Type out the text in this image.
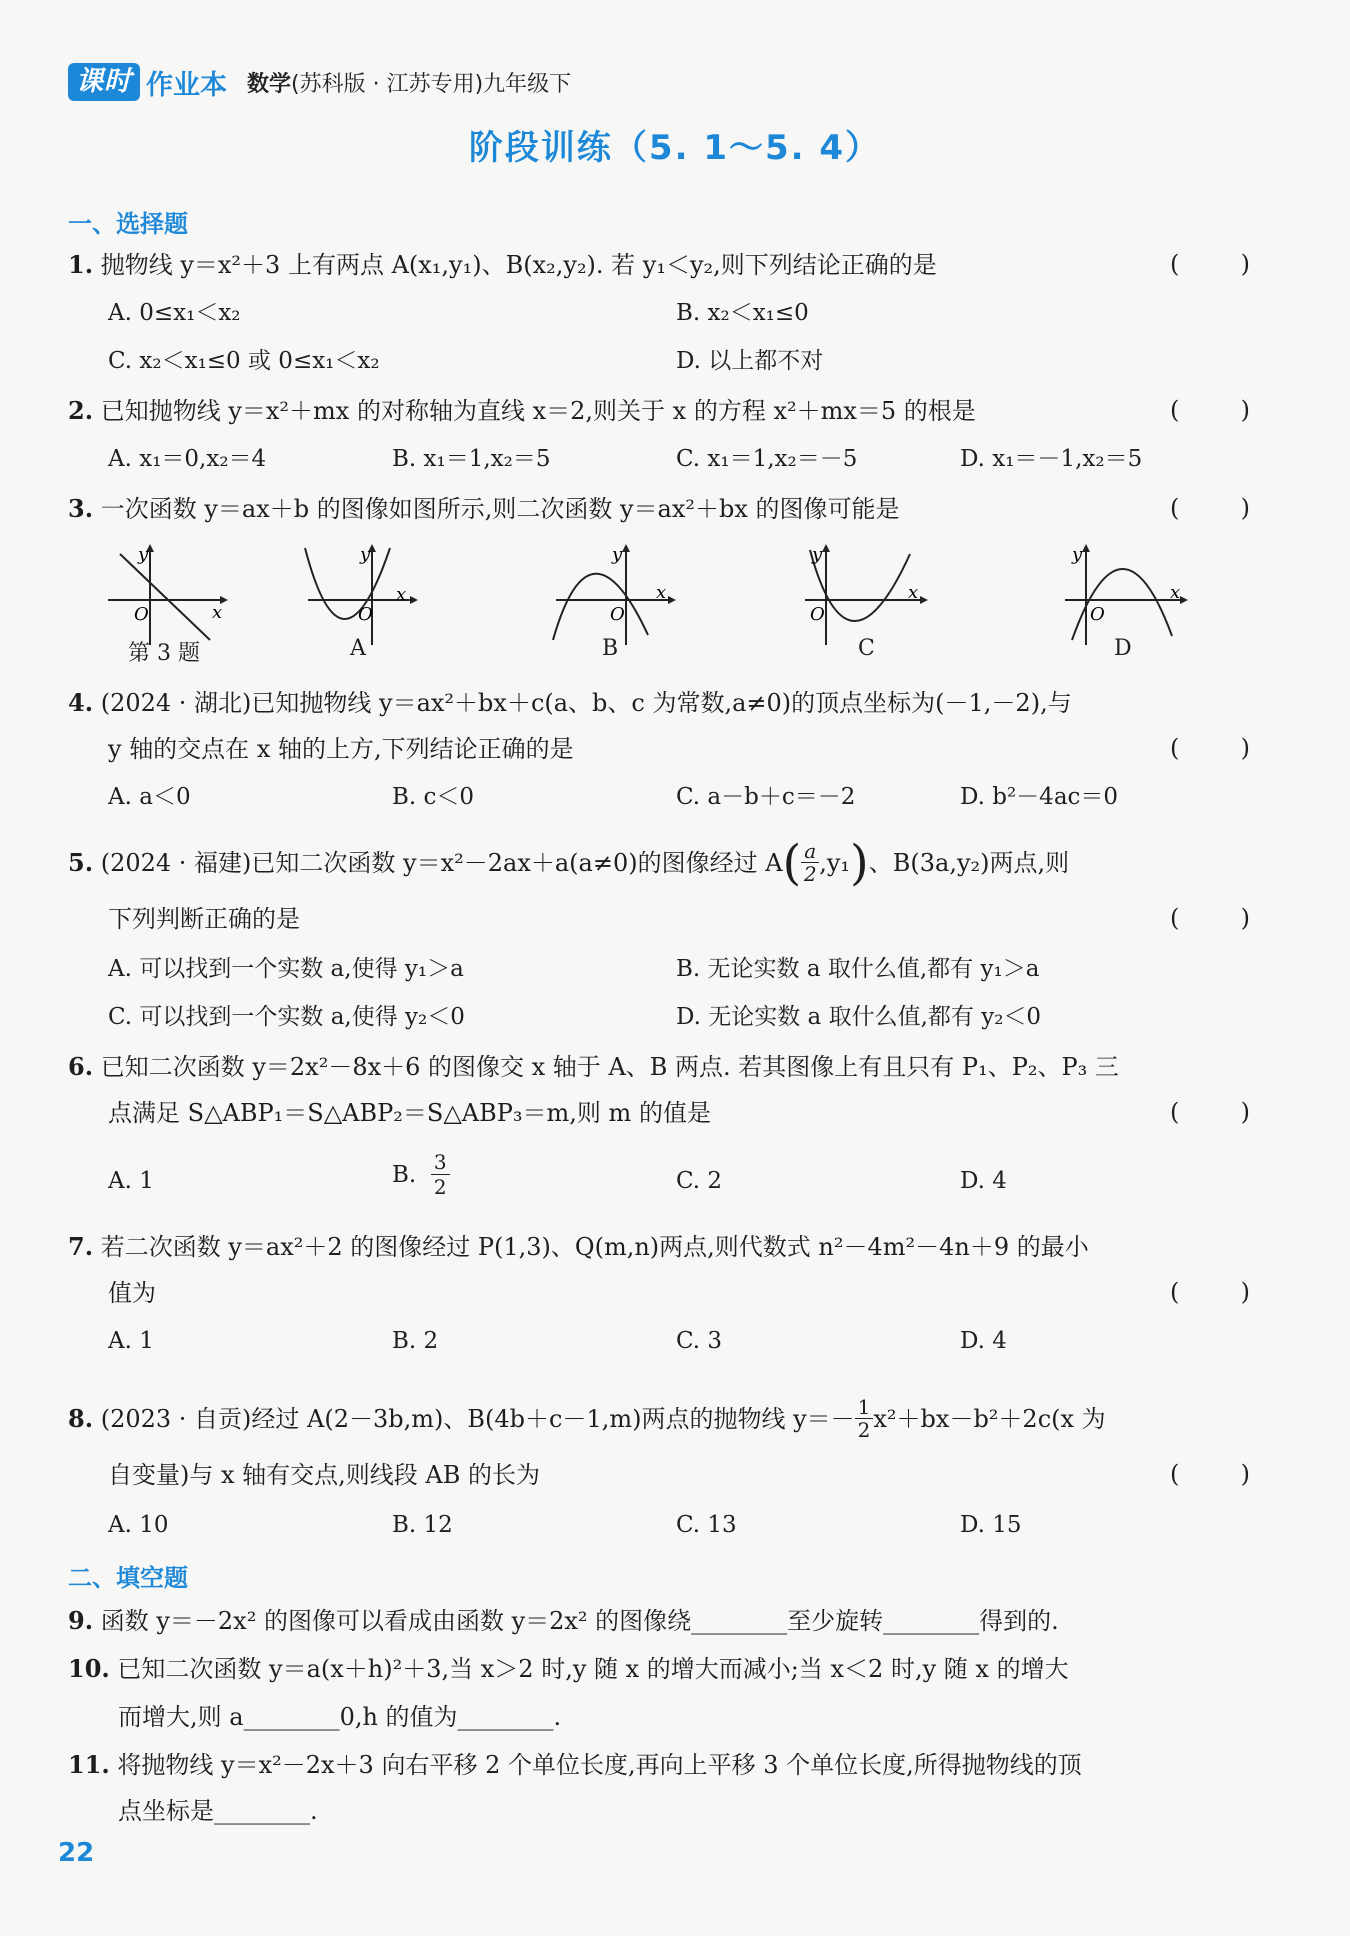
课时 作业本 数学 (苏科版 · 江苏专用)九年级下
阶段训练（5. 1～5. 4）
一、选择题
1. 抛物线 y＝x²＋3 上有两点 A(x₁,y₁)、B(x₂,y₂). 若 y₁＜y₂,则下列结论正确的是	(	)
A. 0≤x₁＜x₂	B. x₂＜x₁≤0
C. x₂＜x₁≤0 或 0≤x₁＜x₂	D. 以上都不对
2. 已知抛物线 y＝x²＋mx 的对称轴为直线 x＝2,则关于 x 的方程 x²＋mx＝5 的根是	(	)
A. x₁＝0,x₂＝4	B. x₁＝1,x₂＝5	C. x₁＝1,x₂＝－5	D. x₁＝－1,x₂＝5
3. 一次函数 y＝ax＋b 的图像如图所示,则二次函数 y＝ax²＋bx 的图像可能是	(	)
y
x
O
第 3 题
y
x
O
A
y
x
O
B
y
x
O
C
y
x
O
D
4. (2024 · 湖北)已知抛物线 y＝ax²＋bx＋c(a、b、c 为常数,a≠0)的顶点坐标为(－1,－2),与
y 轴的交点在 x 轴的上方,下列结论正确的是	(	)
A. a＜0	B. c＜0	C. a－b＋c＝－2	D. b²－4ac＝0
5.
(2024 · 福建)已知二次函数 y＝x²－2ax＋a(a≠0)的图像经过 A ( a
2 ,y₁ ) 、B(3a,y₂)两点,则
下列判断正确的是	(	)
A. 可以找到一个实数 a,使得 y₁＞a	B. 无论实数 a 取什么值,都有 y₁＞a
C. 可以找到一个实数 a,使得 y₂＜0	D. 无论实数 a 取什么值,都有 y₂＜0
6. 已知二次函数 y＝2x²－8x＋6 的图像交 x 轴于 A、B 两点. 若其图像上有且只有 P₁、P₂、P₃ 三
点满足 S△ABP₁＝S△ABP₂＝S△ABP₃＝m,则 m 的值是	(	)
A. 1	B.
3
2	C. 2	D. 4
7. 若二次函数 y＝ax²＋2 的图像经过 P(1,3)、Q(m,n)两点,则代数式 n²－4m²－4n＋9 的最小
值为	(	)
A. 1	B. 2	C. 3	D. 4
8.
(2023 · 自贡)经过 A(2－3b,m)、B(4b＋c－1,m)两点的抛物线 y＝－ 1
2 x²＋bx－b²＋2c(x 为
自变量)与 x 轴有交点,则线段 AB 的长为	(	)
A. 10	B. 12	C. 13	D. 15
二、填空题
9. 函数 y＝－2x² 的图像可以看成由函数 y＝2x² 的图像绕________至少旋转________得到的.
10. 已知二次函数 y＝a(x＋h)²＋3,当 x＞2 时,y 随 x 的增大而减小;当 x＜2 时,y 随 x 的增大
而增大,则 a________0,h 的值为________.
11. 将抛物线 y＝x²－2x＋3 向右平移 2 个单位长度,再向上平移 3 个单位长度,所得抛物线的顶
点坐标是________.
22
